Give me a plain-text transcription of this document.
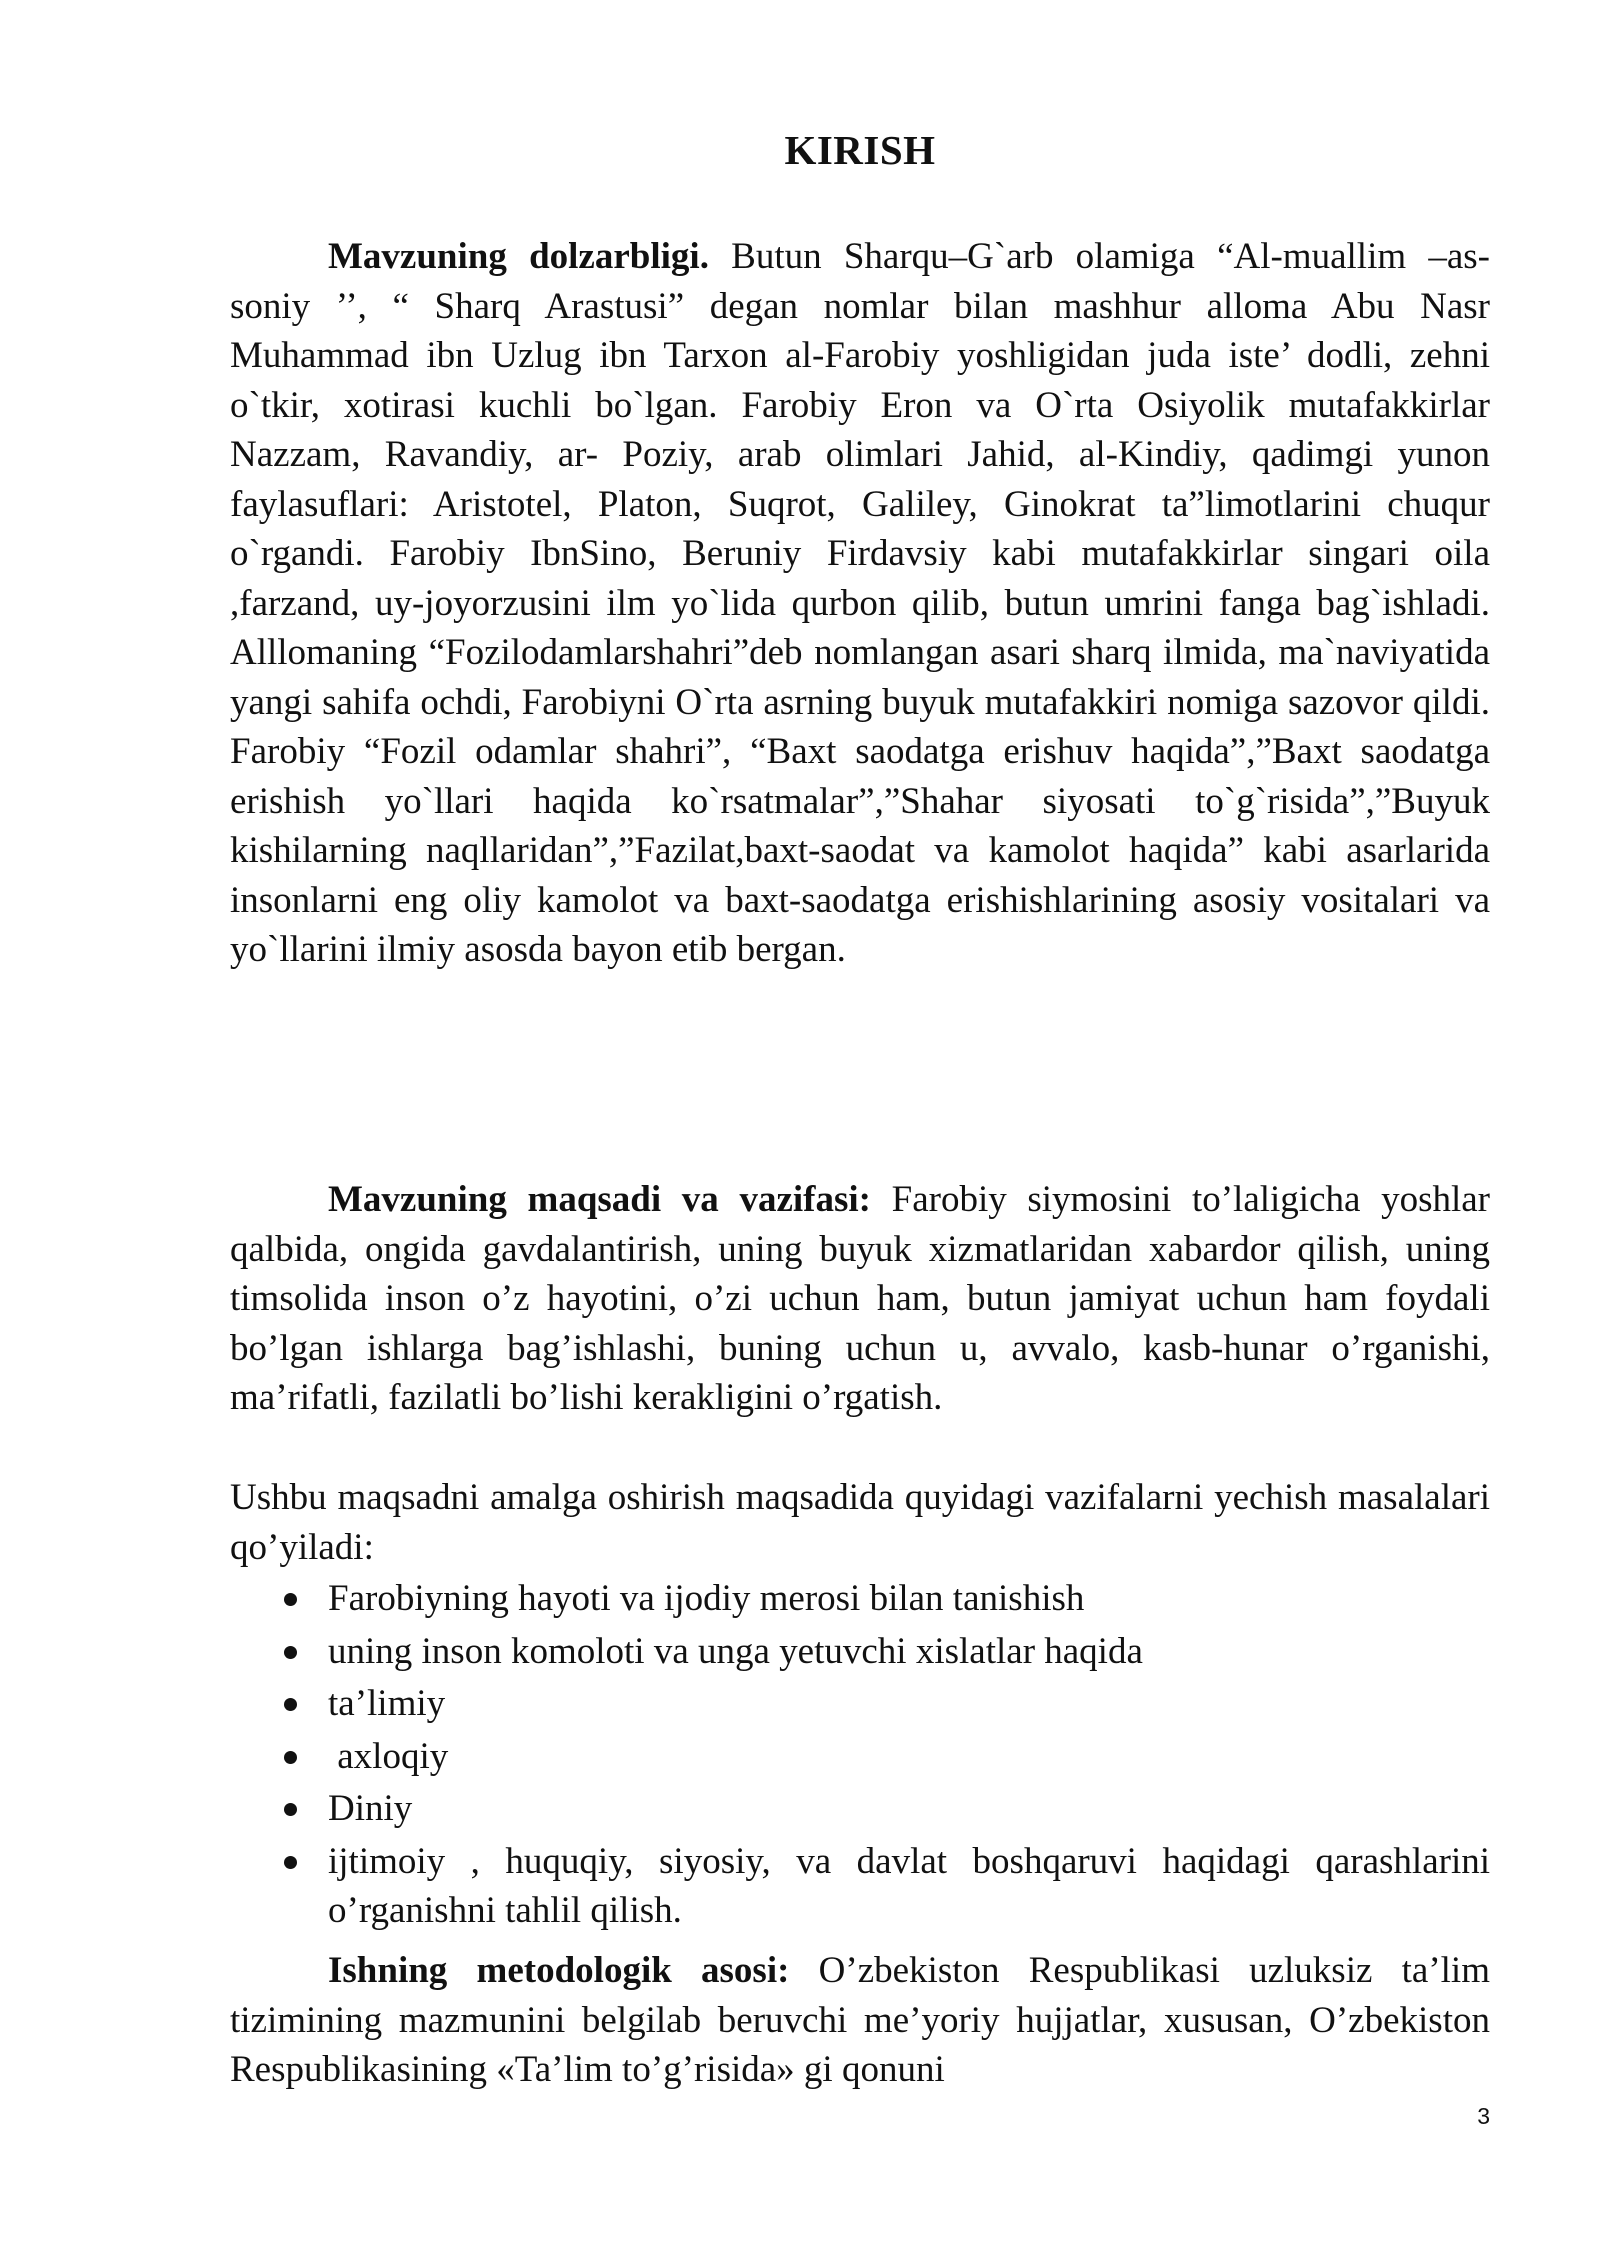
KIRISH

Mavzuning dolzarbligi. Butun Sharqu–G`arb olamiga “Al-muallim –as-soniy ’’, “ Sharq Arastusi” degan nomlar bilan mashhur alloma Abu Nasr Muhammad ibn Uzlug ibn Tarxon al-Farobiy yoshligidan juda iste’ dodli, zehni o`tkir, xotirasi kuchli bo`lgan. Farobiy Eron va O`rta Osiyolik mutafakkirlar Nazzam, Ravandiy, ar- Poziy, arab olimlari Jahid, al-Kindiy, qadimgi yunon faylasuflari: Aristotel, Platon, Suqrot, Galiley, Ginokrat ta”limotlarini chuqur o`rgandi. Farobiy IbnSino, Beruniy Firdavsiy kabi mutafakkirlar singari oila ,farzand, uy-joyorzusini ilm yo`lida qurbon qilib, butun umrini fanga bag`ishladi. Alllomaning “Fozilodamlarshahri”deb nomlangan asari sharq ilmida, ma`naviyatida yangi sahifa ochdi, Farobiyni O`rta asrning buyuk mutafakkiri nomiga sazovor qildi. Farobiy “Fozil odamlar shahri”, “Baxt saodatga erishuv haqida”,”Baxt saodatga erishish yo`llari haqida ko`rsatmalar”,”Shahar siyosati to`g`risida”,”Buyuk kishilarning naqllaridan”,”Fazilat,baxt-saodat va kamolot haqida” kabi asarlarida insonlarni eng oliy kamolot va baxt-saodatga erishishlarining asosiy vositalari va yo`llarini ilmiy asosda bayon etib bergan.

Mavzuning maqsadi va vazifasi: Farobiy siymosini to’laligicha yoshlar qalbida, ongida gavdalantirish, uning buyuk xizmatlaridan xabardor qilish, uning timsolida inson o’z hayotini, o’zi uchun ham, butun jamiyat uchun ham foydali bo’lgan ishlarga bag’ishlashi, buning uchun u, avvalo, kasb-hunar o’rganishi, ma’rifatli, fazilatli bo’lishi kerakligini o’rgatish.

Ushbu maqsadni amalga oshirish maqsadida quyidagi vazifalarni yechish masalalari qo’yiladi:

Farobiyning hayoti va ijodiy merosi bilan tanishish
uning inson komoloti va unga yetuvchi xislatlar haqida
ta’limiy
axloqiy
Diniy
ijtimoiy , huquqiy, siyosiy, va davlat boshqaruvi haqidagi qarashlarini o’rganishni tahlil qilish.

Ishning metodologik asosi: O’zbekiston Respublikasi uzluksiz ta’lim tizimining mazmunini belgilab beruvchi me’yoriy hujjatlar, xususan, O’zbekiston Respublikasining «Ta’lim to’g’risida» gi qonuni

3
